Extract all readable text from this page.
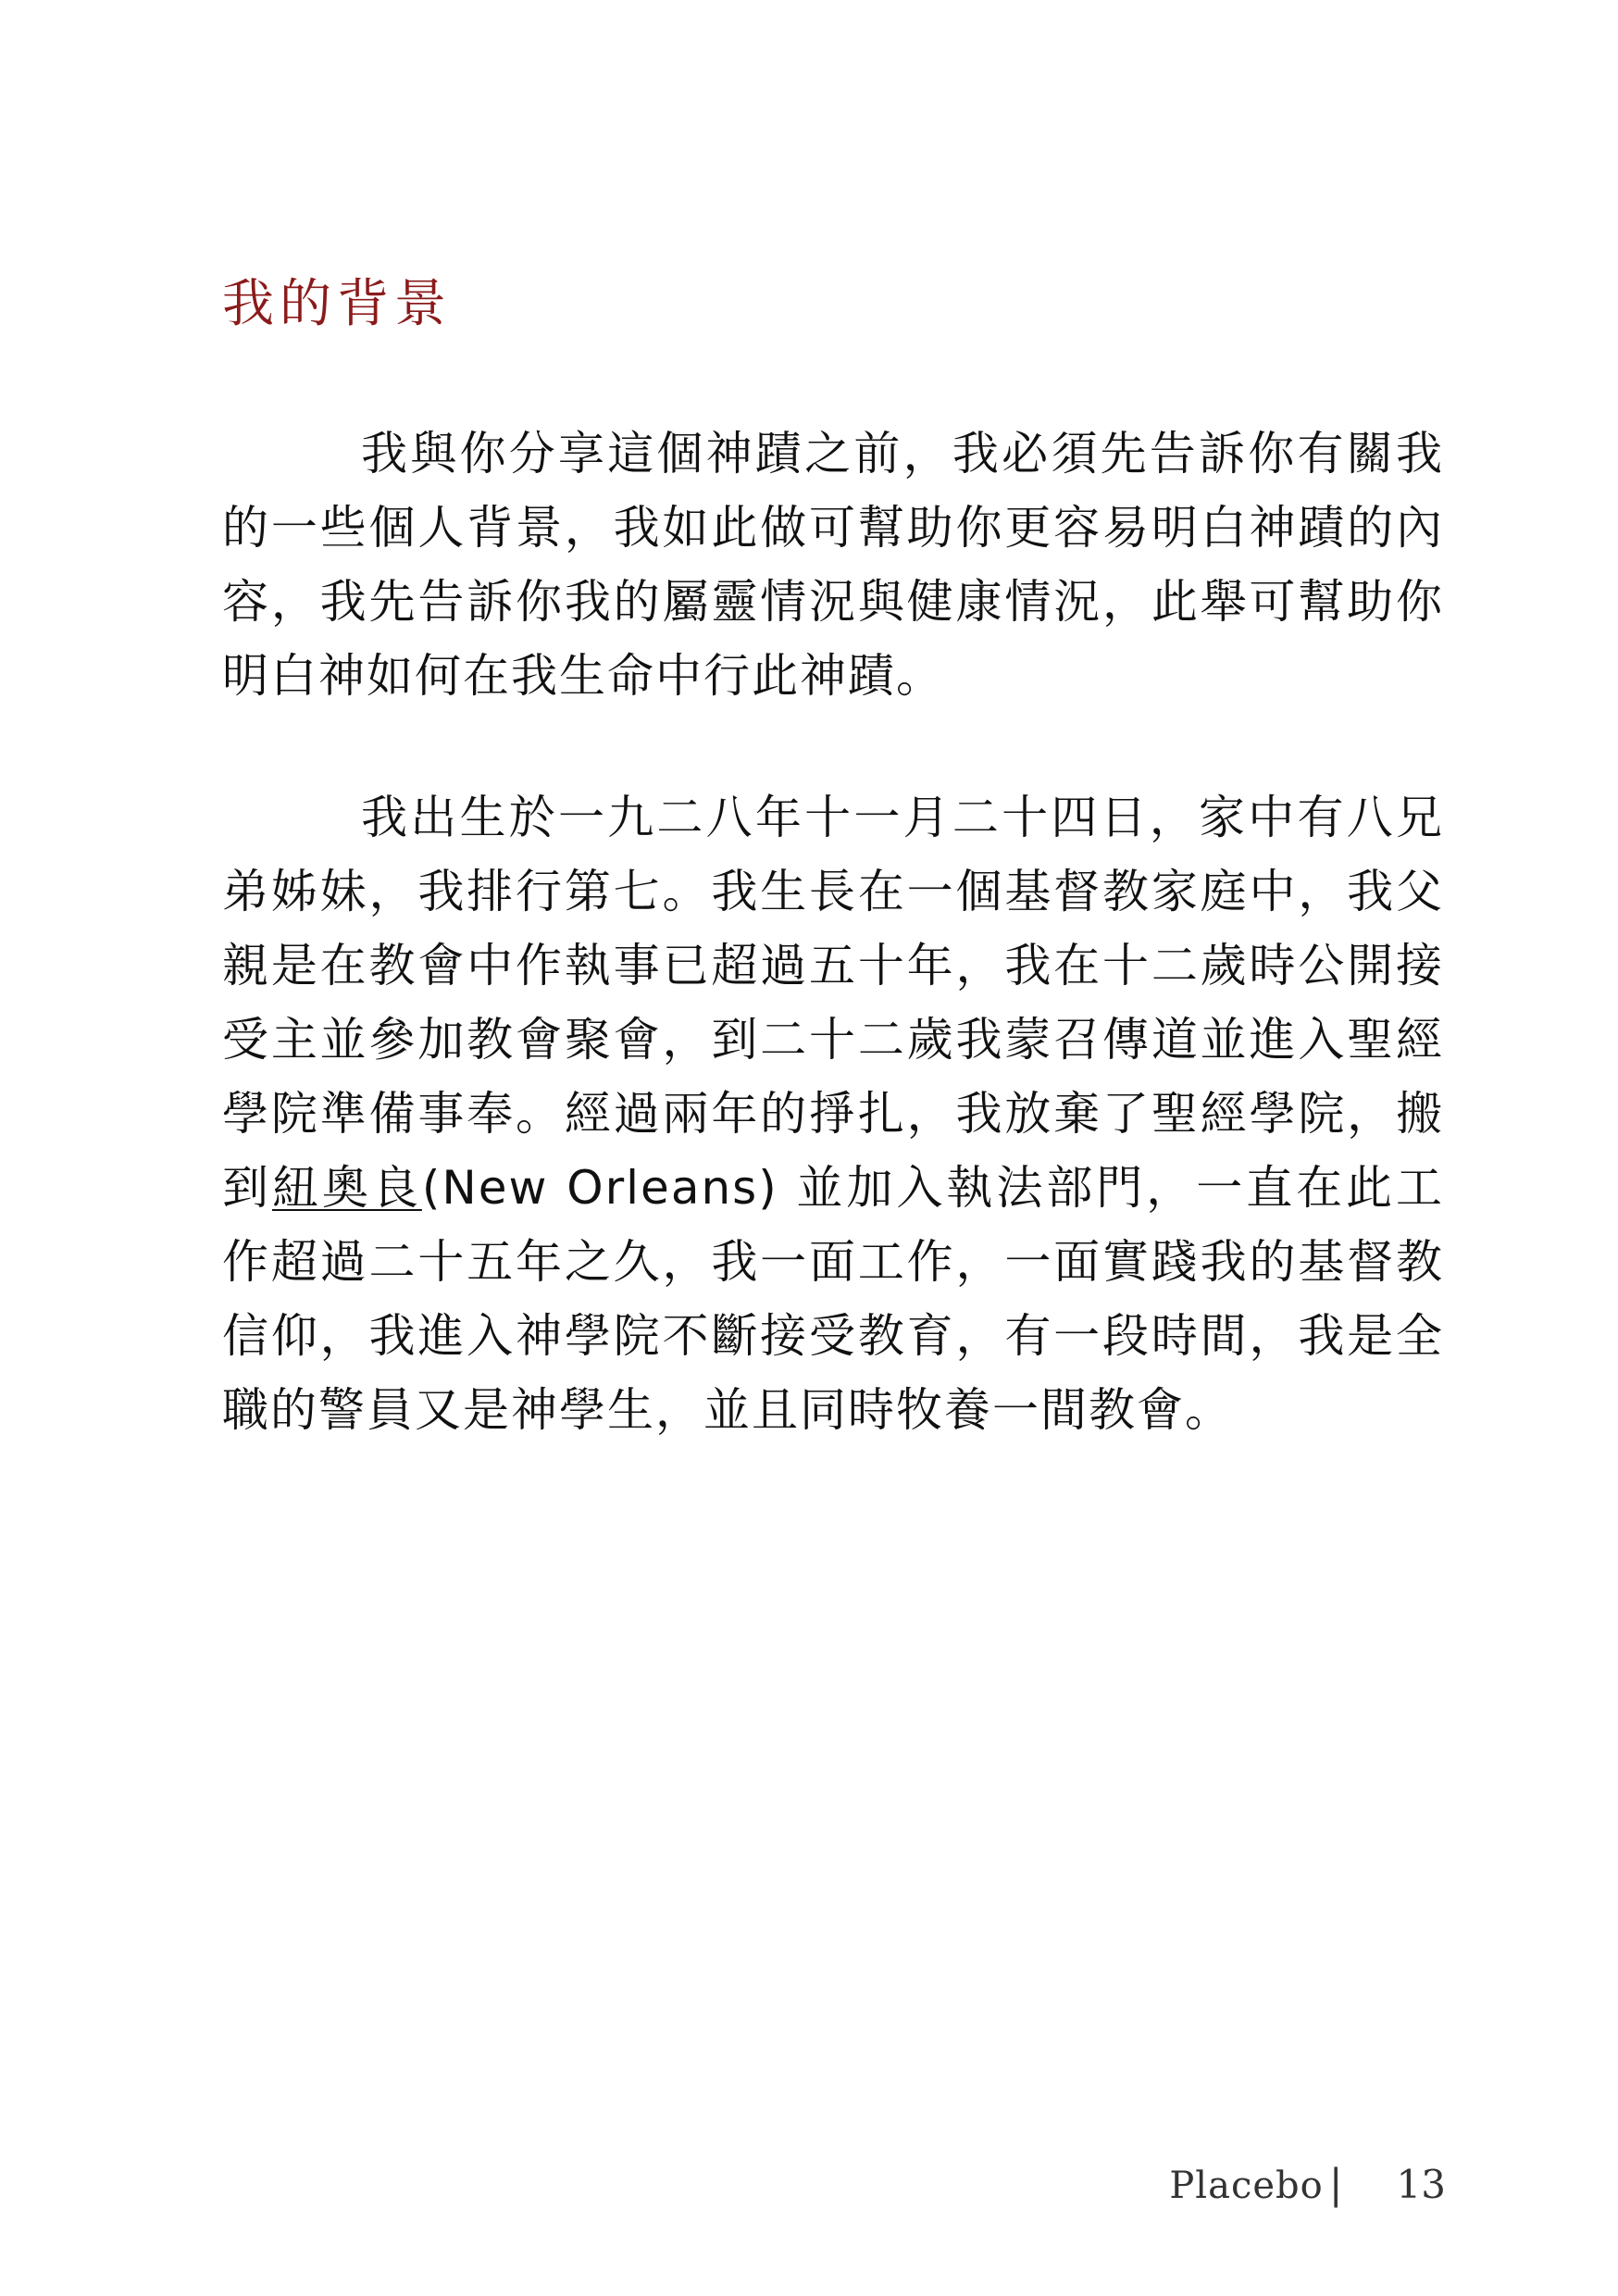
我的背景

我與你分享這個神蹟之前，我必須先告訴你有關我的一些個人背景，我如此做可幫助你更容易明白神蹟的內容，我先告訴你我的屬靈情況與健康情況，此舉可幫助你明白神如何在我生命中行此神蹟。

我出生於一九二八年十一月二十四日，家中有八兄弟姊妹，我排行第七。我生長在一個基督教家庭中，我父親是在教會中作執事已超過五十年，我在十二歲時公開接受主並參加教會聚會，到二十二歲我蒙召傳道並進入聖經學院準備事奉。經過兩年的掙扎，我放棄了聖經學院，搬到紐奧良(New Orleans) 並加入執法部門，一直在此工作超過二十五年之久，我一面工作，一面實踐我的基督教信仰，我進入神學院不斷接受教育，有一段時間，我是全職的警員又是神學生，並且同時牧養一間教會。

Placebo | 13
